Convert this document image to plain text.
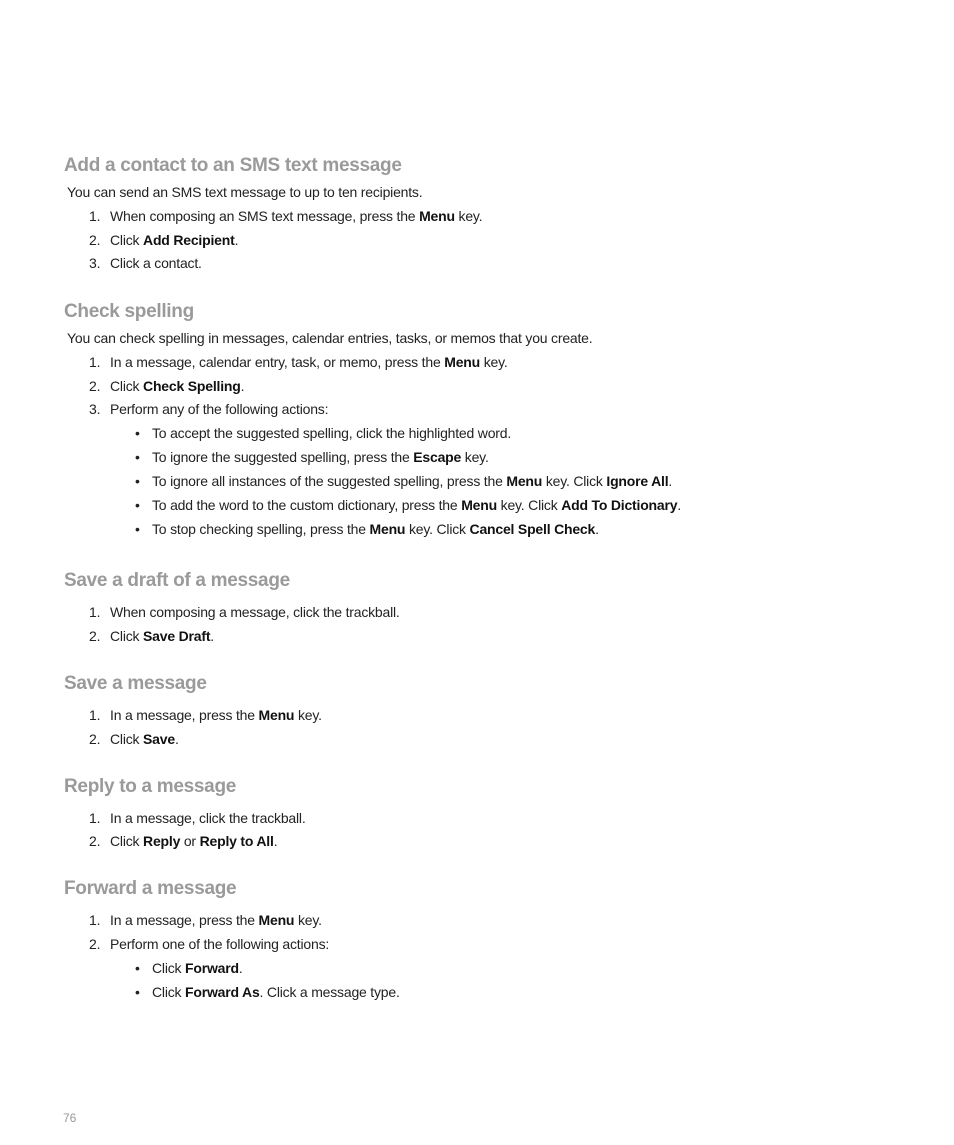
Add a contact to an SMS text message

You can send an SMS text message to up to ten recipients.

1. When composing an SMS text message, press the Menu key.
2. Click Add Recipient.
3. Click a contact.
Check spelling

You can check spelling in messages, calendar entries, tasks, or memos that you create.

1. In a message, calendar entry, task, or memo, press the Menu key.
2. Click Check Spelling.
3. Perform any of the following actions:
• To accept the suggested spelling, click the highlighted word.
• To ignore the suggested spelling, press the Escape key.
• To ignore all instances of the suggested spelling, press the Menu key. Click Ignore All.
• To add the word to the custom dictionary, press the Menu key. Click Add To Dictionary.
• To stop checking spelling, press the Menu key. Click Cancel Spell Check.
Save a draft of a message
1. When composing a message, click the trackball.
2. Click Save Draft.
Save a message
1. In a message, press the Menu key.
2. Click Save.
Reply to a message
1. In a message, click the trackball.
2. Click Reply or Reply to All.
Forward a message
1. In a message, press the Menu key.
2. Perform one of the following actions:
• Click Forward.
• Click Forward As. Click a message type.
76
